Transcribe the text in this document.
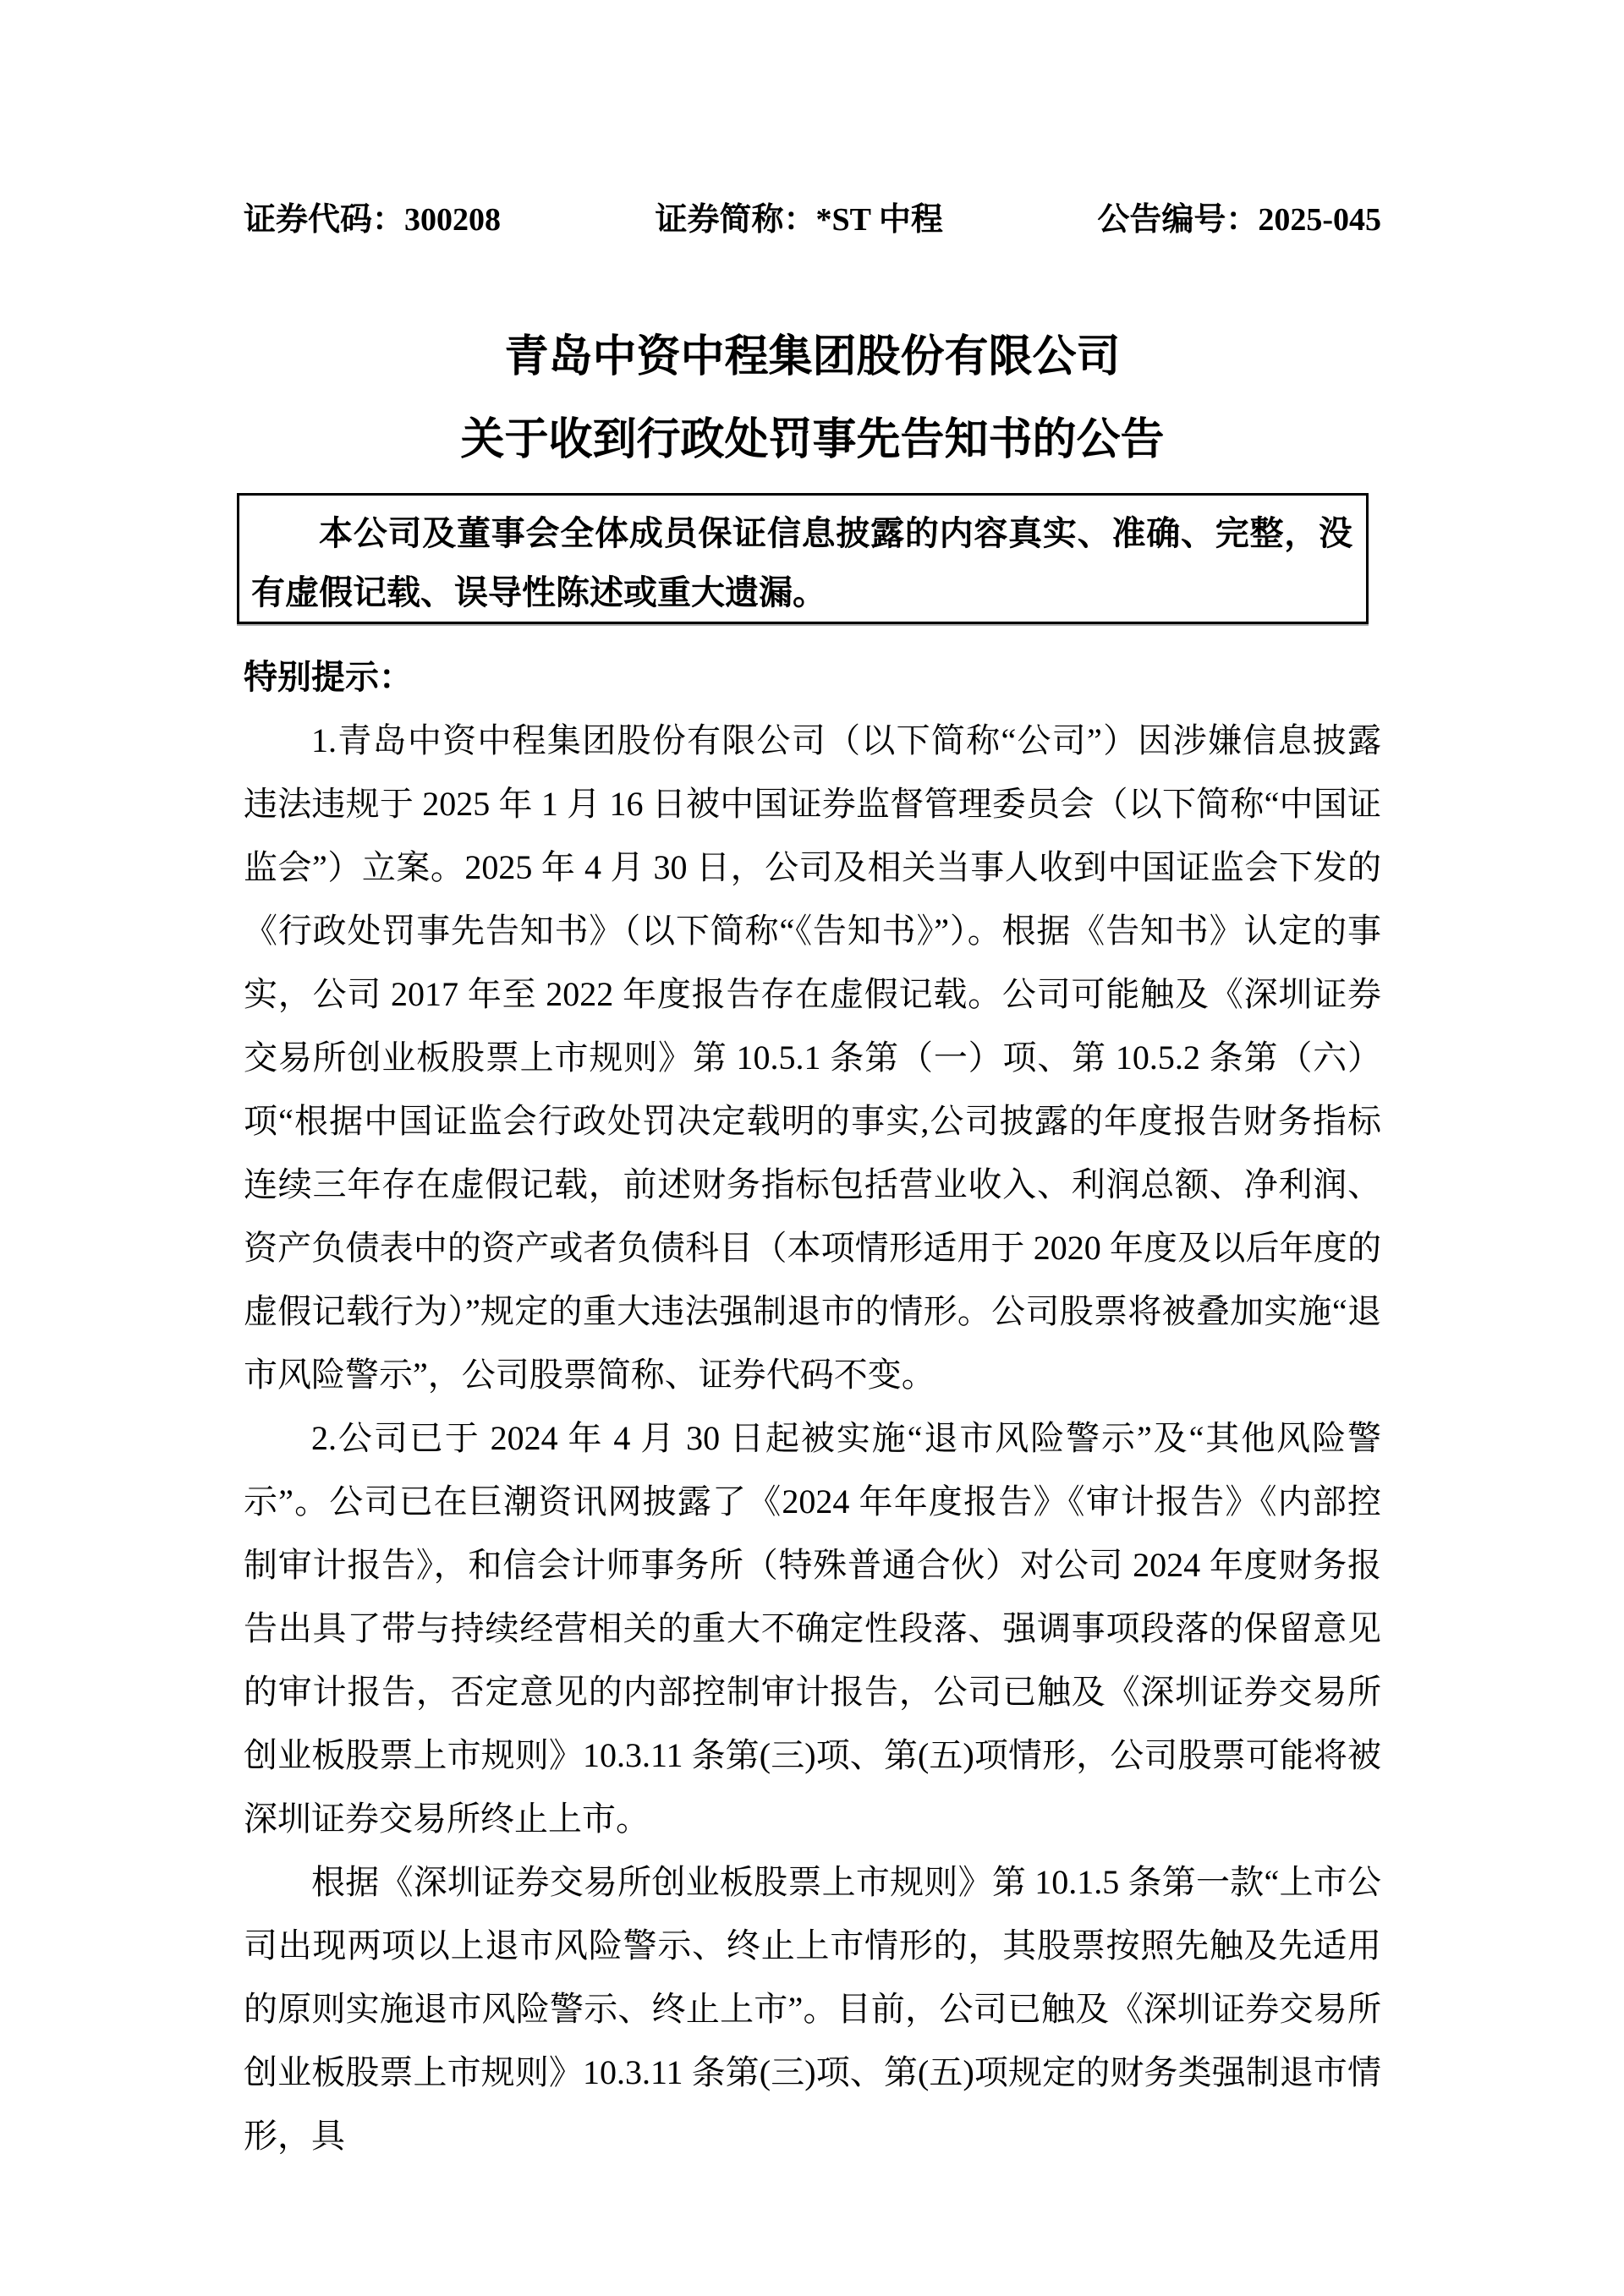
证券代码：300208	证券简称：*ST 中程	公告编号：2025-045
青岛中资中程集团股份有限公司
关于收到行政处罚事先告知书的公告
本公司及董事会全体成员保证信息披露的内容真实、准确、完整，没有虚假记载、误导性陈述或重大遗漏。
特别提示：

1.青岛中资中程集团股份有限公司（以下简称“公司”）因涉嫌信息披露违法违规于 2025 年 1 月 16 日被中国证券监督管理委员会（以下简称“中国证监会”）立案。2025 年 4 月 30 日，公司及相关当事人收到中国证监会下发的《行政处罚事先告知书》（以下简称“《告知书》”）。根据《告知书》认定的事实，公司 2017 年至 2022 年度报告存在虚假记载。公司可能触及《深圳证券交易所创业板股票上市规则》第 10.5.1 条第（一）项、第 10.5.2 条第（六）项“根据中国证监会行政处罚决定载明的事实,公司披露的年度报告财务指标连续三年存在虚假记载，前述财务指标包括营业收入、利润总额、净利润、资产负债表中的资产或者负债科目（本项情形适用于 2020 年度及以后年度的虚假记载行为）”规定的重大违法强制退市的情形。公司股票将被叠加实施“退市风险警示”，公司股票简称、证券代码不变。

2.公司已于 2024 年 4 月 30 日起被实施“退市风险警示”及“其他风险警示”。公司已在巨潮资讯网披露了《2024 年年度报告》《审计报告》《内部控制审计报告》，和信会计师事务所（特殊普通合伙）对公司 2024 年度财务报告出具了带与持续经营相关的重大不确定性段落、强调事项段落的保留意见的审计报告，否定意见的内部控制审计报告，公司已触及《深圳证券交易所创业板股票上市规则》10.3.11 条第(三)项、第(五)项情形，公司股票可能将被深圳证券交易所终止上市。

根据《深圳证券交易所创业板股票上市规则》第 10.1.5 条第一款“上市公司出现两项以上退市风险警示、终止上市情形的，其股票按照先触及先适用的原则实施退市风险警示、终止上市”。目前，公司已触及《深圳证券交易所创业板股票上市规则》10.3.11 条第(三)项、第(五)项规定的财务类强制退市情形，具
